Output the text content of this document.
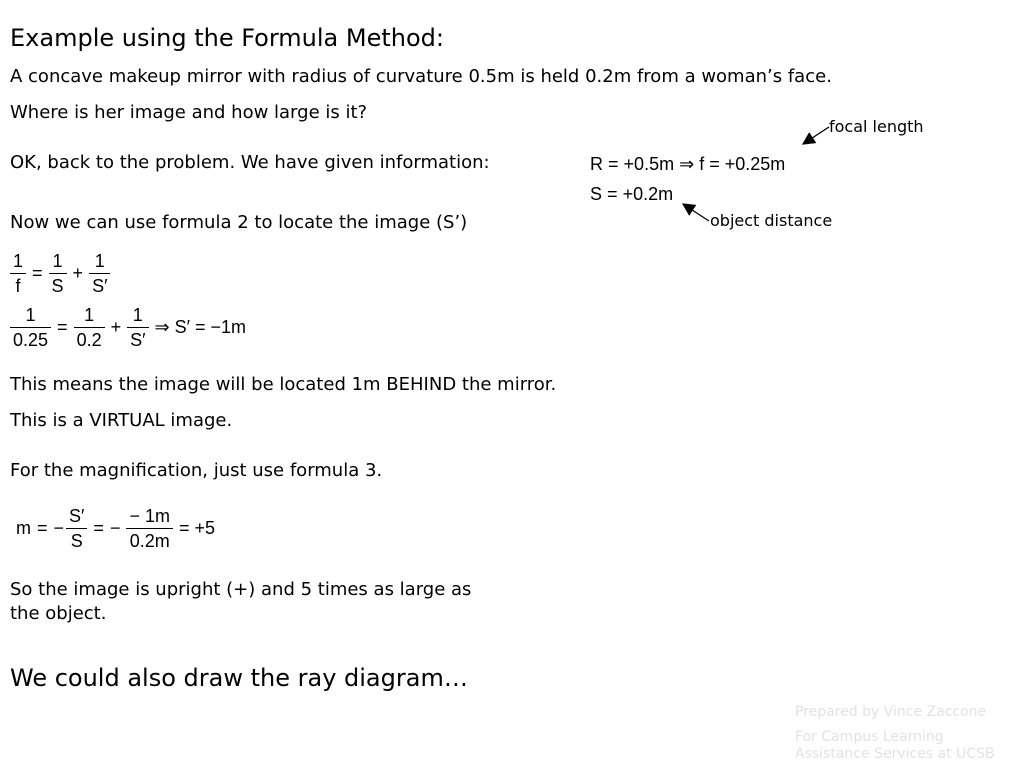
Example using the Formula Method:
A concave makeup mirror with radius of curvature 0.5m is held 0.2m from a woman’s face.
Where is her image and how large is it?
OK, back to the problem. We have given information:	R = +0.5m ⇒ f = +0.25m
S = +0.2m
focal length
object distance
Now we can use formula 2 to locate the image (S’)
$\frac{1}{f} = \frac{1}{S} + \frac{1}{S'}$
$\frac{1}{0.25} = \frac{1}{0.2} + \frac{1}{S'}$ ⇒ S′ = −1m
This means the image will be located 1m BEHIND the mirror.
This is a VIRTUAL image.
For the magnification, just use formula 3.
m = − $\frac{S'}{S}$ = − $\frac{- 1m}{0.2m} = +5$
So the image is upright (+) and 5 times as large as
the object.
We could also draw the ray diagram…
Prepared by Vince Zaccone
For Campus Learning Assistance Services at UCSB
